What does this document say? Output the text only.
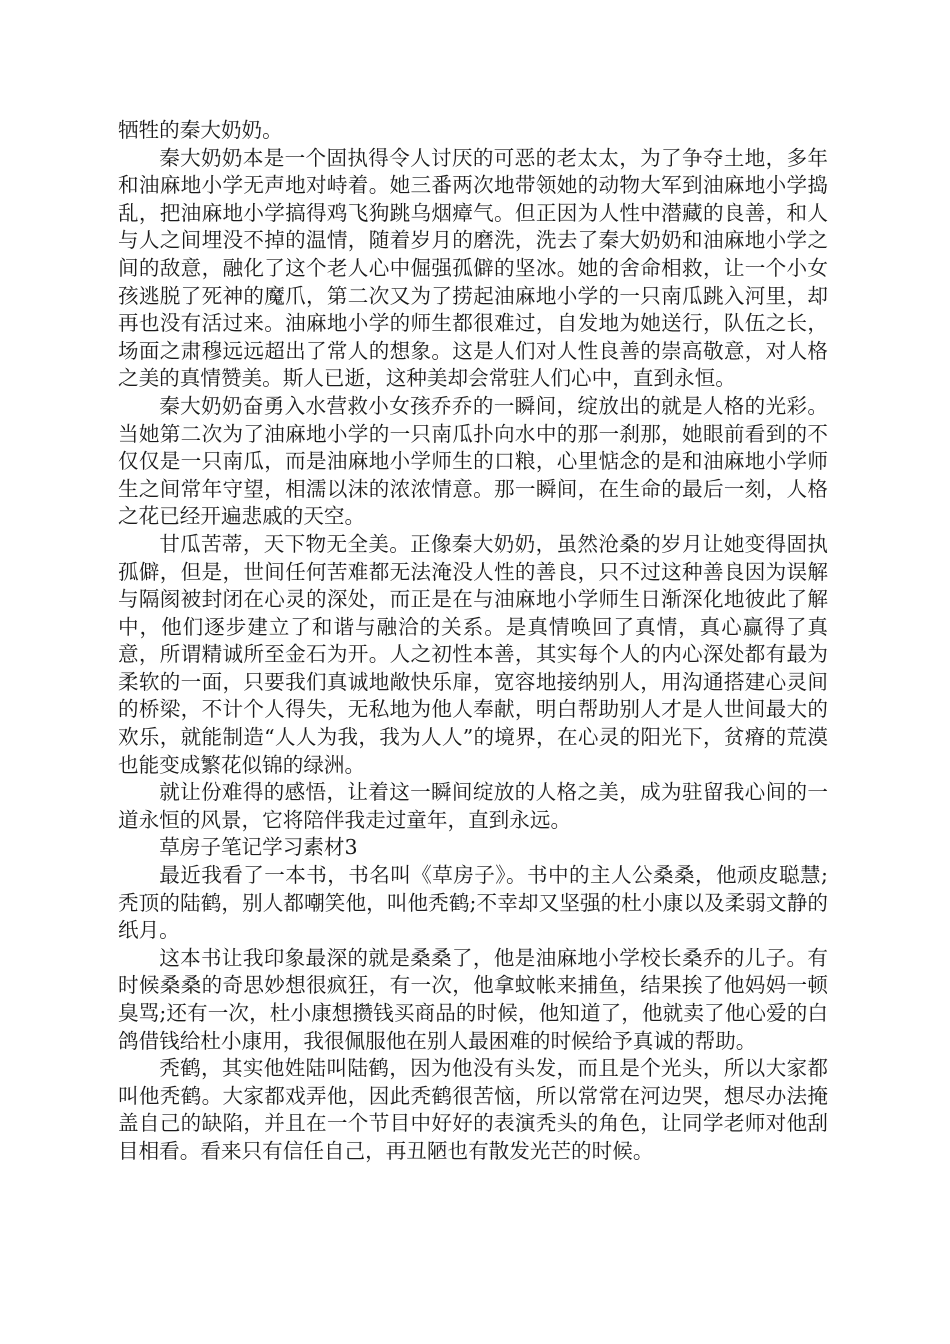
牺牲的秦大奶奶。

秦大奶奶本是一个固执得令人讨厌的可恶的老太太，为了争夺土地，多年和油麻地小学无声地对峙着。她三番两次地带领她的动物大军到油麻地小学捣乱，把油麻地小学搞得鸡飞狗跳乌烟瘴气。但正因为人性中潜藏的良善，和人与人之间埋没不掉的温情，随着岁月的磨洗，洗去了秦大奶奶和油麻地小学之间的敌意，融化了这个老人心中倔强孤僻的坚冰。她的舍命相救，让一个小女孩逃脱了死神的魔爪，第二次又为了捞起油麻地小学的一只南瓜跳入河里，却再也没有活过来。油麻地小学的师生都很难过，自发地为她送行，队伍之长，场面之肃穆远远超出了常人的想象。这是人们对人性良善的崇高敬意，对人格之美的真情赞美。斯人已逝，这种美却会常驻人们心中，直到永恒。

秦大奶奶奋勇入水营救小女孩乔乔的一瞬间，绽放出的就是人格的光彩。当她第二次为了油麻地小学的一只南瓜扑向水中的那一刹那，她眼前看到的不仅仅是一只南瓜，而是油麻地小学师生的口粮，心里惦念的是和油麻地小学师生之间常年守望，相濡以沫的浓浓情意。那一瞬间，在生命的最后一刻，人格之花已经开遍悲戚的天空。

甘瓜苦蒂，天下物无全美。正像秦大奶奶，虽然沧桑的岁月让她变得固执孤僻，但是，世间任何苦难都无法淹没人性的善良，只不过这种善良因为误解与隔阂被封闭在心灵的深处，而正是在与油麻地小学师生日渐深化地彼此了解中，他们逐步建立了和谐与融洽的关系。是真情唤回了真情，真心赢得了真意，所谓精诚所至金石为开。人之初性本善，其实每个人的内心深处都有最为柔软的一面，只要我们真诚地敞快乐扉，宽容地接纳别人，用沟通搭建心灵间的桥梁，不计个人得失，无私地为他人奉献，明白帮助别人才是人世间最大的欢乐，就能制造“人人为我，我为人人”的境界，在心灵的阳光下，贫瘠的荒漠也能变成繁花似锦的绿洲。

就让份难得的感悟，让着这一瞬间绽放的人格之美，成为驻留我心间的一道永恒的风景，它将陪伴我走过童年，直到永远。

草房子笔记学习素材3

最近我看了一本书，书名叫《草房子》。书中的主人公桑桑，他顽皮聪慧;秃顶的陆鹤，别人都嘲笑他，叫他秃鹤;不幸却又坚强的杜小康以及柔弱文静的纸月。

这本书让我印象最深的就是桑桑了，他是油麻地小学校长桑乔的儿子。有时候桑桑的奇思妙想很疯狂，有一次，他拿蚊帐来捕鱼，结果挨了他妈妈一顿臭骂;还有一次，杜小康想攒钱买商品的时候，他知道了，他就卖了他心爱的白鸽借钱给杜小康用，我很佩服他在别人最困难的时候给予真诚的帮助。

秃鹤，其实他姓陆叫陆鹤，因为他没有头发，而且是个光头，所以大家都叫他秃鹤。大家都戏弄他，因此秃鹤很苦恼，所以常常在河边哭，想尽办法掩盖自己的缺陷，并且在一个节目中好好的表演秃头的角色，让同学老师对他刮目相看。看来只有信任自己，再丑陋也有散发光芒的时候。
